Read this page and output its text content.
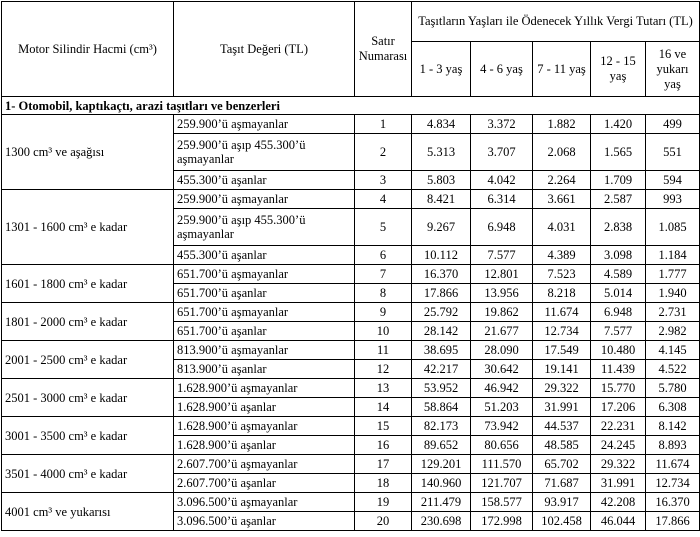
Motor Silindir Hacmi (cm³)	Taşıt Değeri (TL)	Satır Numarası	Taşıtların Yaşları ile Ödenecek Yıllık Vergi Tutarı (TL)				
			1 - 3 yaş	4 - 6 yaş	7 - 11 yaş	12 - 15 yaş	16 ve yukarı yaş
1- Otomobil, kaptıkaçtı, arazi taşıtları ve benzerleri							
1300 cm³ ve aşağısı	259.900’ü aşmayanlar	1	4.834	3.372	1.882	1.420	499
	259.900’ü aşıp 455.300’ü aşmayanlar	2	5.313	3.707	2.068	1.565	551
	455.300’ü aşanlar	3	5.803	4.042	2.264	1.709	594
1301 - 1600 cm³ e kadar	259.900’ü aşmayanlar	4	8.421	6.314	3.661	2.587	993
	259.900’ü aşıp 455.300’ü aşmayanlar	5	9.267	6.948	4.031	2.838	1.085
	455.300’ü aşanlar	6	10.112	7.577	4.389	3.098	1.184
1601 - 1800 cm³ e kadar	651.700’ü aşmayanlar	7	16.370	12.801	7.523	4.589	1.777
	651.700’ü aşanlar	8	17.866	13.956	8.218	5.014	1.940
1801 - 2000 cm³ e kadar	651.700’ü aşmayanlar	9	25.792	19.862	11.674	6.948	2.731
	651.700’ü aşanlar	10	28.142	21.677	12.734	7.577	2.982
2001 - 2500 cm³ e kadar	813.900’ü aşmayanlar	11	38.695	28.090	17.549	10.480	4.145
	813.900’ü aşanlar	12	42.217	30.642	19.141	11.439	4.522
2501 - 3000 cm³ e kadar	1.628.900’ü aşmayanlar	13	53.952	46.942	29.322	15.770	5.780
	1.628.900’ü aşanlar	14	58.864	51.203	31.991	17.206	6.308
3001 - 3500 cm³ e kadar	1.628.900’ü aşmayanlar	15	82.173	73.942	44.537	22.231	8.142
	1.628.900’ü aşanlar	16	89.652	80.656	48.585	24.245	8.893
3501 - 4000 cm³ e kadar	2.607.700’ü aşmayanlar	17	129.201	111.570	65.702	29.322	11.674
	2.607.700’ü aşanlar	18	140.960	121.707	71.687	31.991	12.734
4001 cm³ ve yukarısı	3.096.500’ü aşmayanlar	19	211.479	158.577	93.917	42.208	16.370
	3.096.500’ü aşanlar	20	230.698	172.998	102.458	46.044	17.866
